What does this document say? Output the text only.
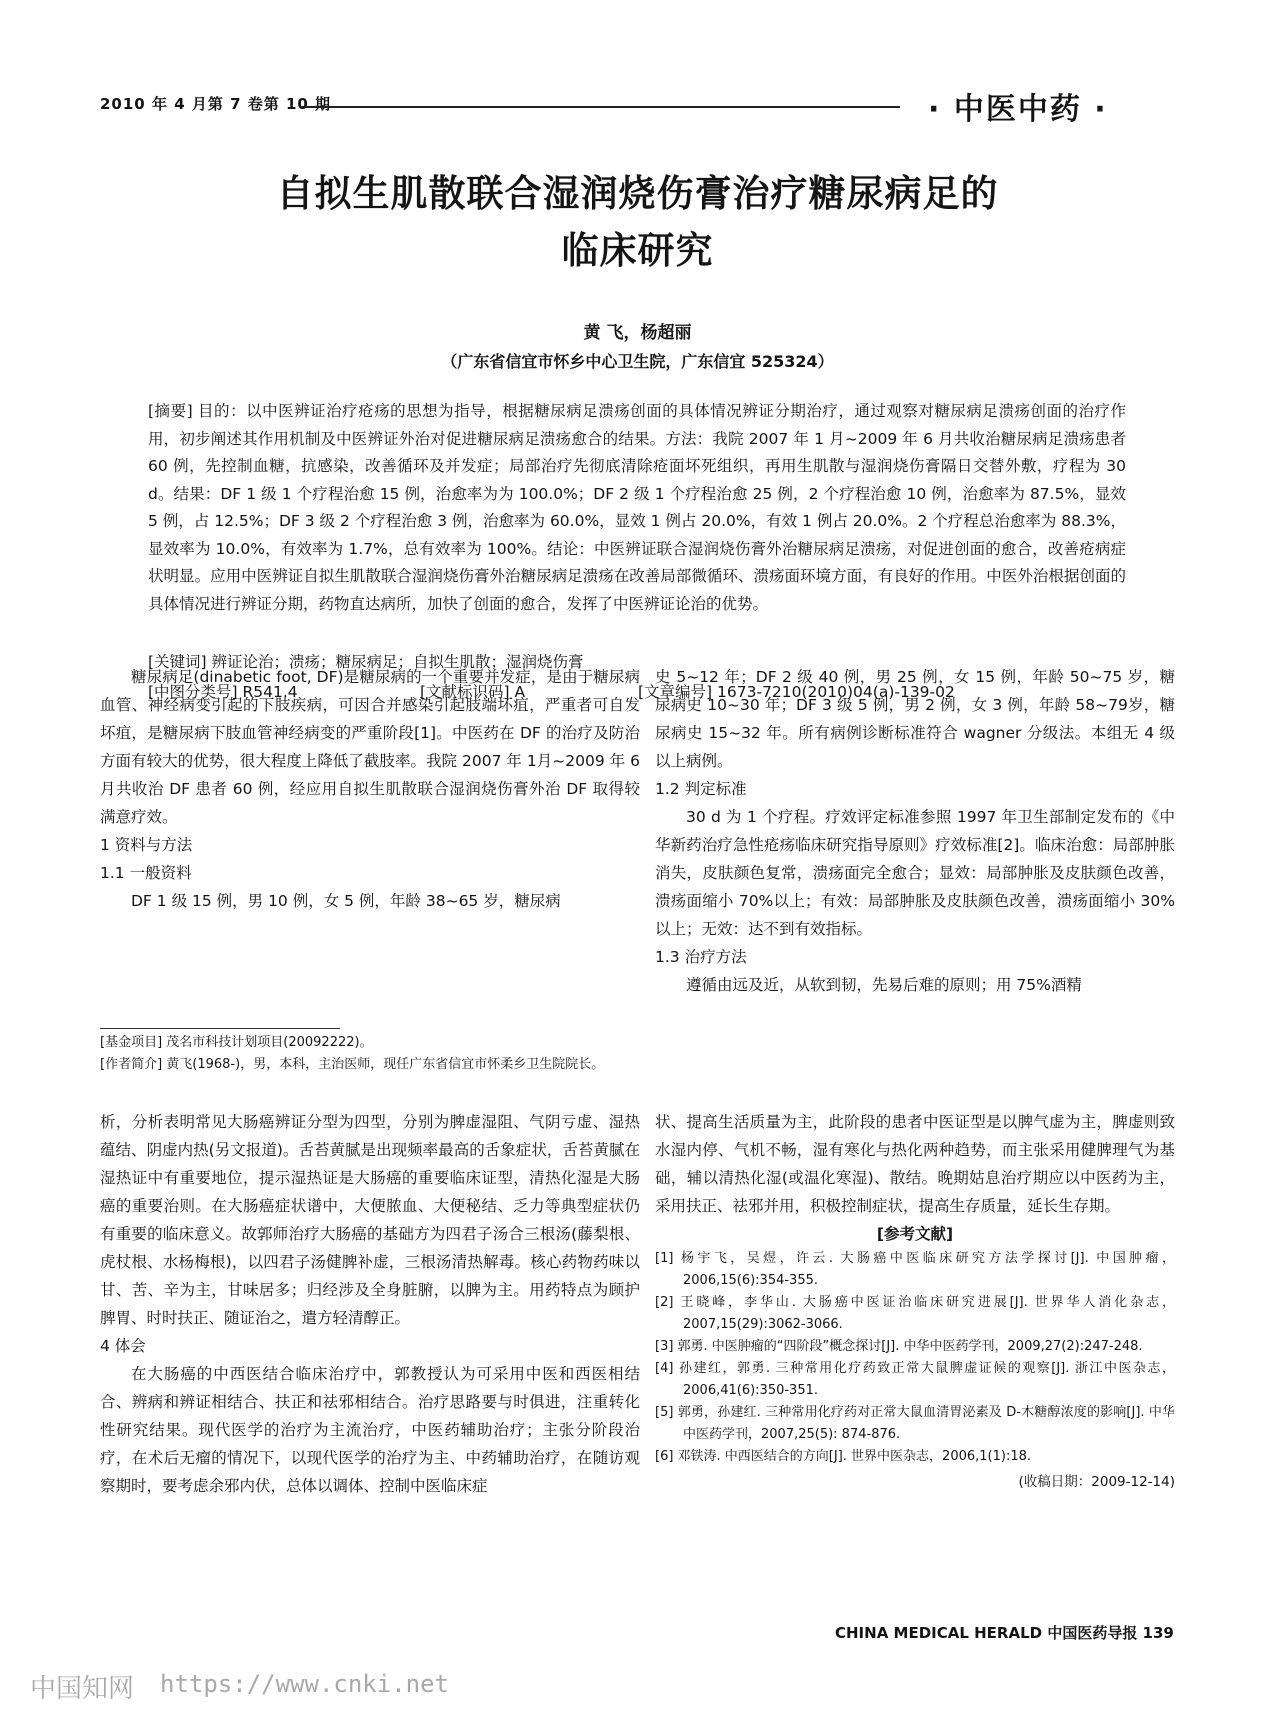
2010 年 4 月第 7 卷第 10 期	· 中医中药 ·
自拟生肌散联合湿润烧伤膏治疗糖尿病足的
临床研究
黄 飞，杨超丽
（广东省信宜市怀乡中心卫生院，广东信宜 525324）
[摘要] 目的：以中医辨证治疗疮疡的思想为指导，根据糖尿病足溃疡创面的具体情况辨证分期治疗，通过观察对糖尿病足溃疡创面的治疗作用，初步阐述其作用机制及中医辨证外治对促进糖尿病足溃疡愈合的结果。方法：我院 2007 年 1 月~2009 年 6 月共收治糖尿病足溃疡患者 60 例，先控制血糖，抗感染，改善循环及并发症；局部治疗先彻底清除疮面坏死组织，再用生肌散与湿润烧伤膏隔日交替外敷，疗程为 30 d。结果：DF 1 级 1 个疗程治愈 15 例，治愈率为为 100.0%；DF 2 级 1 个疗程治愈 25 例，2 个疗程治愈 10 例，治愈率为 87.5%，显效 5 例，占 12.5%；DF 3 级 2 个疗程治愈 3 例，治愈率为 60.0%，显效 1 例占 20.0%，有效 1 例占 20.0%。2 个疗程总治愈率为 88.3%，显效率为 10.0%，有效率为 1.7%，总有效率为 100%。结论：中医辨证联合湿润烧伤膏外治糖尿病足溃疡，对促进创面的愈合，改善疮病症状明显。应用中医辨证自拟生肌散联合湿润烧伤膏外治糖尿病足溃疡在改善局部微循环、溃疡面环境方面，有良好的作用。中医外治根据创面的具体情况进行辨证分期，药物直达病所，加快了创面的愈合，发挥了中医辨证论治的优势。
[关键词] 辨证论治；溃疡；糖尿病足；自拟生肌散；湿润烧伤膏
[中图分类号] R541.4	[文献标识码] A	[文章编号] 1673-7210(2010)04(a)-139-02

糖尿病足(dinabetic foot, DF)是糖尿病的一个重要并发症，是由于糖尿病血管、神经病变引起的下肢疾病，可因合并感染引起肢端坏疽，严重者可自发坏疽，是糖尿病下肢血管神经病变的严重阶段[1]。中医药在 DF 的治疗及防治方面有较大的优势，很大程度上降低了截肢率。我院 2007 年 1月~2009 年 6 月共收治 DF 患者 60 例，经应用自拟生肌散联合湿润烧伤膏外治 DF 取得较满意疗效。

1 资料与方法

1.1 一般资料

DF 1 级 15 例，男 10 例，女 5 例，年龄 38~65 岁，糖尿病

[基金项目] 茂名市科技计划项目(20092222)。
[作者简介] 黄飞(1968-)，男，本科，主治医师，现任广东省信宜市怀柔乡卫生院院长。

史 5~12 年；DF 2 级 40 例，男 25 例，女 15 例，年龄 50~75 岁，糖尿病史 10~30 年；DF 3 级 5 例，男 2 例，女 3 例，年龄 58~79岁，糖尿病史 15~32 年。所有病例诊断标准符合 wagner 分级法。本组无 4 级以上病例。

1.2 判定标准

30 d 为 1 个疗程。疗效评定标准参照 1997 年卫生部制定发布的《中华新药治疗急性疮疡临床研究指导原则》疗效标准[2]。临床治愈：局部肿胀消失，皮肤颜色复常，溃疡面完全愈合；显效：局部肿胀及皮肤颜色改善，溃疡面缩小 70%以上；有效：局部肿胀及皮肤颜色改善，溃疡面缩小 30%以上；无效：达不到有效指标。

1.3 治疗方法

遵循由远及近，从软到韧，先易后难的原则；用 75%酒精

析，分析表明常见大肠癌辨证分型为四型，分别为脾虚湿阻、气阴亏虚、湿热蕴结、阴虚内热(另文报道)。舌苔黄腻是出现频率最高的舌象症状，舌苔黄腻在湿热证中有重要地位，提示湿热证是大肠癌的重要临床证型，清热化湿是大肠癌的重要治则。在大肠癌症状谱中，大便脓血、大便秘结、乏力等典型症状仍有重要的临床意义。故郭师治疗大肠癌的基础方为四君子汤合三根汤(藤梨根、虎杖根、水杨梅根)，以四君子汤健脾补虚，三根汤清热解毒。核心药物药味以甘、苦、辛为主，甘味居多；归经涉及全身脏腑，以脾为主。用药特点为顾护脾胃、时时扶正、随证治之，遣方轻清醇正。

4 体会

在大肠癌的中西医结合临床治疗中，郭教授认为可采用中医和西医相结合、辨病和辨证相结合、扶正和祛邪相结合。治疗思路要与时俱进，注重转化性研究结果。现代医学的治疗为主流治疗，中医药辅助治疗；主张分阶段治疗，在术后无瘤的情况下，以现代医学的治疗为主、中药辅助治疗，在随访观察期时，要考虑余邪内伏，总体以调体、控制中医临床症

状、提高生活质量为主，此阶段的患者中医证型是以脾气虚为主，脾虚则致水湿内停、气机不畅，湿有寒化与热化两种趋势，而主张采用健脾理气为基础，辅以清热化湿(或温化寒湿)、散结。晚期姑息治疗期应以中医药为主，采用扶正、祛邪并用，积极控制症状，提高生存质量，延长生存期。

[参考文献]

[1] 杨宇飞，吴煜，许云. 大肠癌中医临床研究方法学探讨[J]. 中国肿瘤，2006,15(6):354-355.

[2] 王晓峰，李华山. 大肠癌中医证治临床研究进展[J]. 世界华人消化杂志，2007,15(29):3062-3066.

[3] 郭勇. 中医肿瘤的“四阶段”概念探讨[J]. 中华中医药学刊，2009,27(2):247-248.

[4] 孙建红，郭勇. 三种常用化疗药致正常大鼠脾虚证候的观察[J]. 浙江中医杂志，2006,41(6):350-351.

[5] 郭勇，孙建红. 三种常用化疗药对正常大鼠血清胃泌素及 D-木糖醇浓度的影响[J]. 中华中医药学刊，2007,25(5): 874-876.

[6] 邓铁涛. 中西医结合的方向[J]. 世界中医杂志，2006,1(1):18.

(收稿日期：2009-12-14)

CHINA MEDICAL HERALD 中国医药导报 139
中国知网 https://www.cnki.net
